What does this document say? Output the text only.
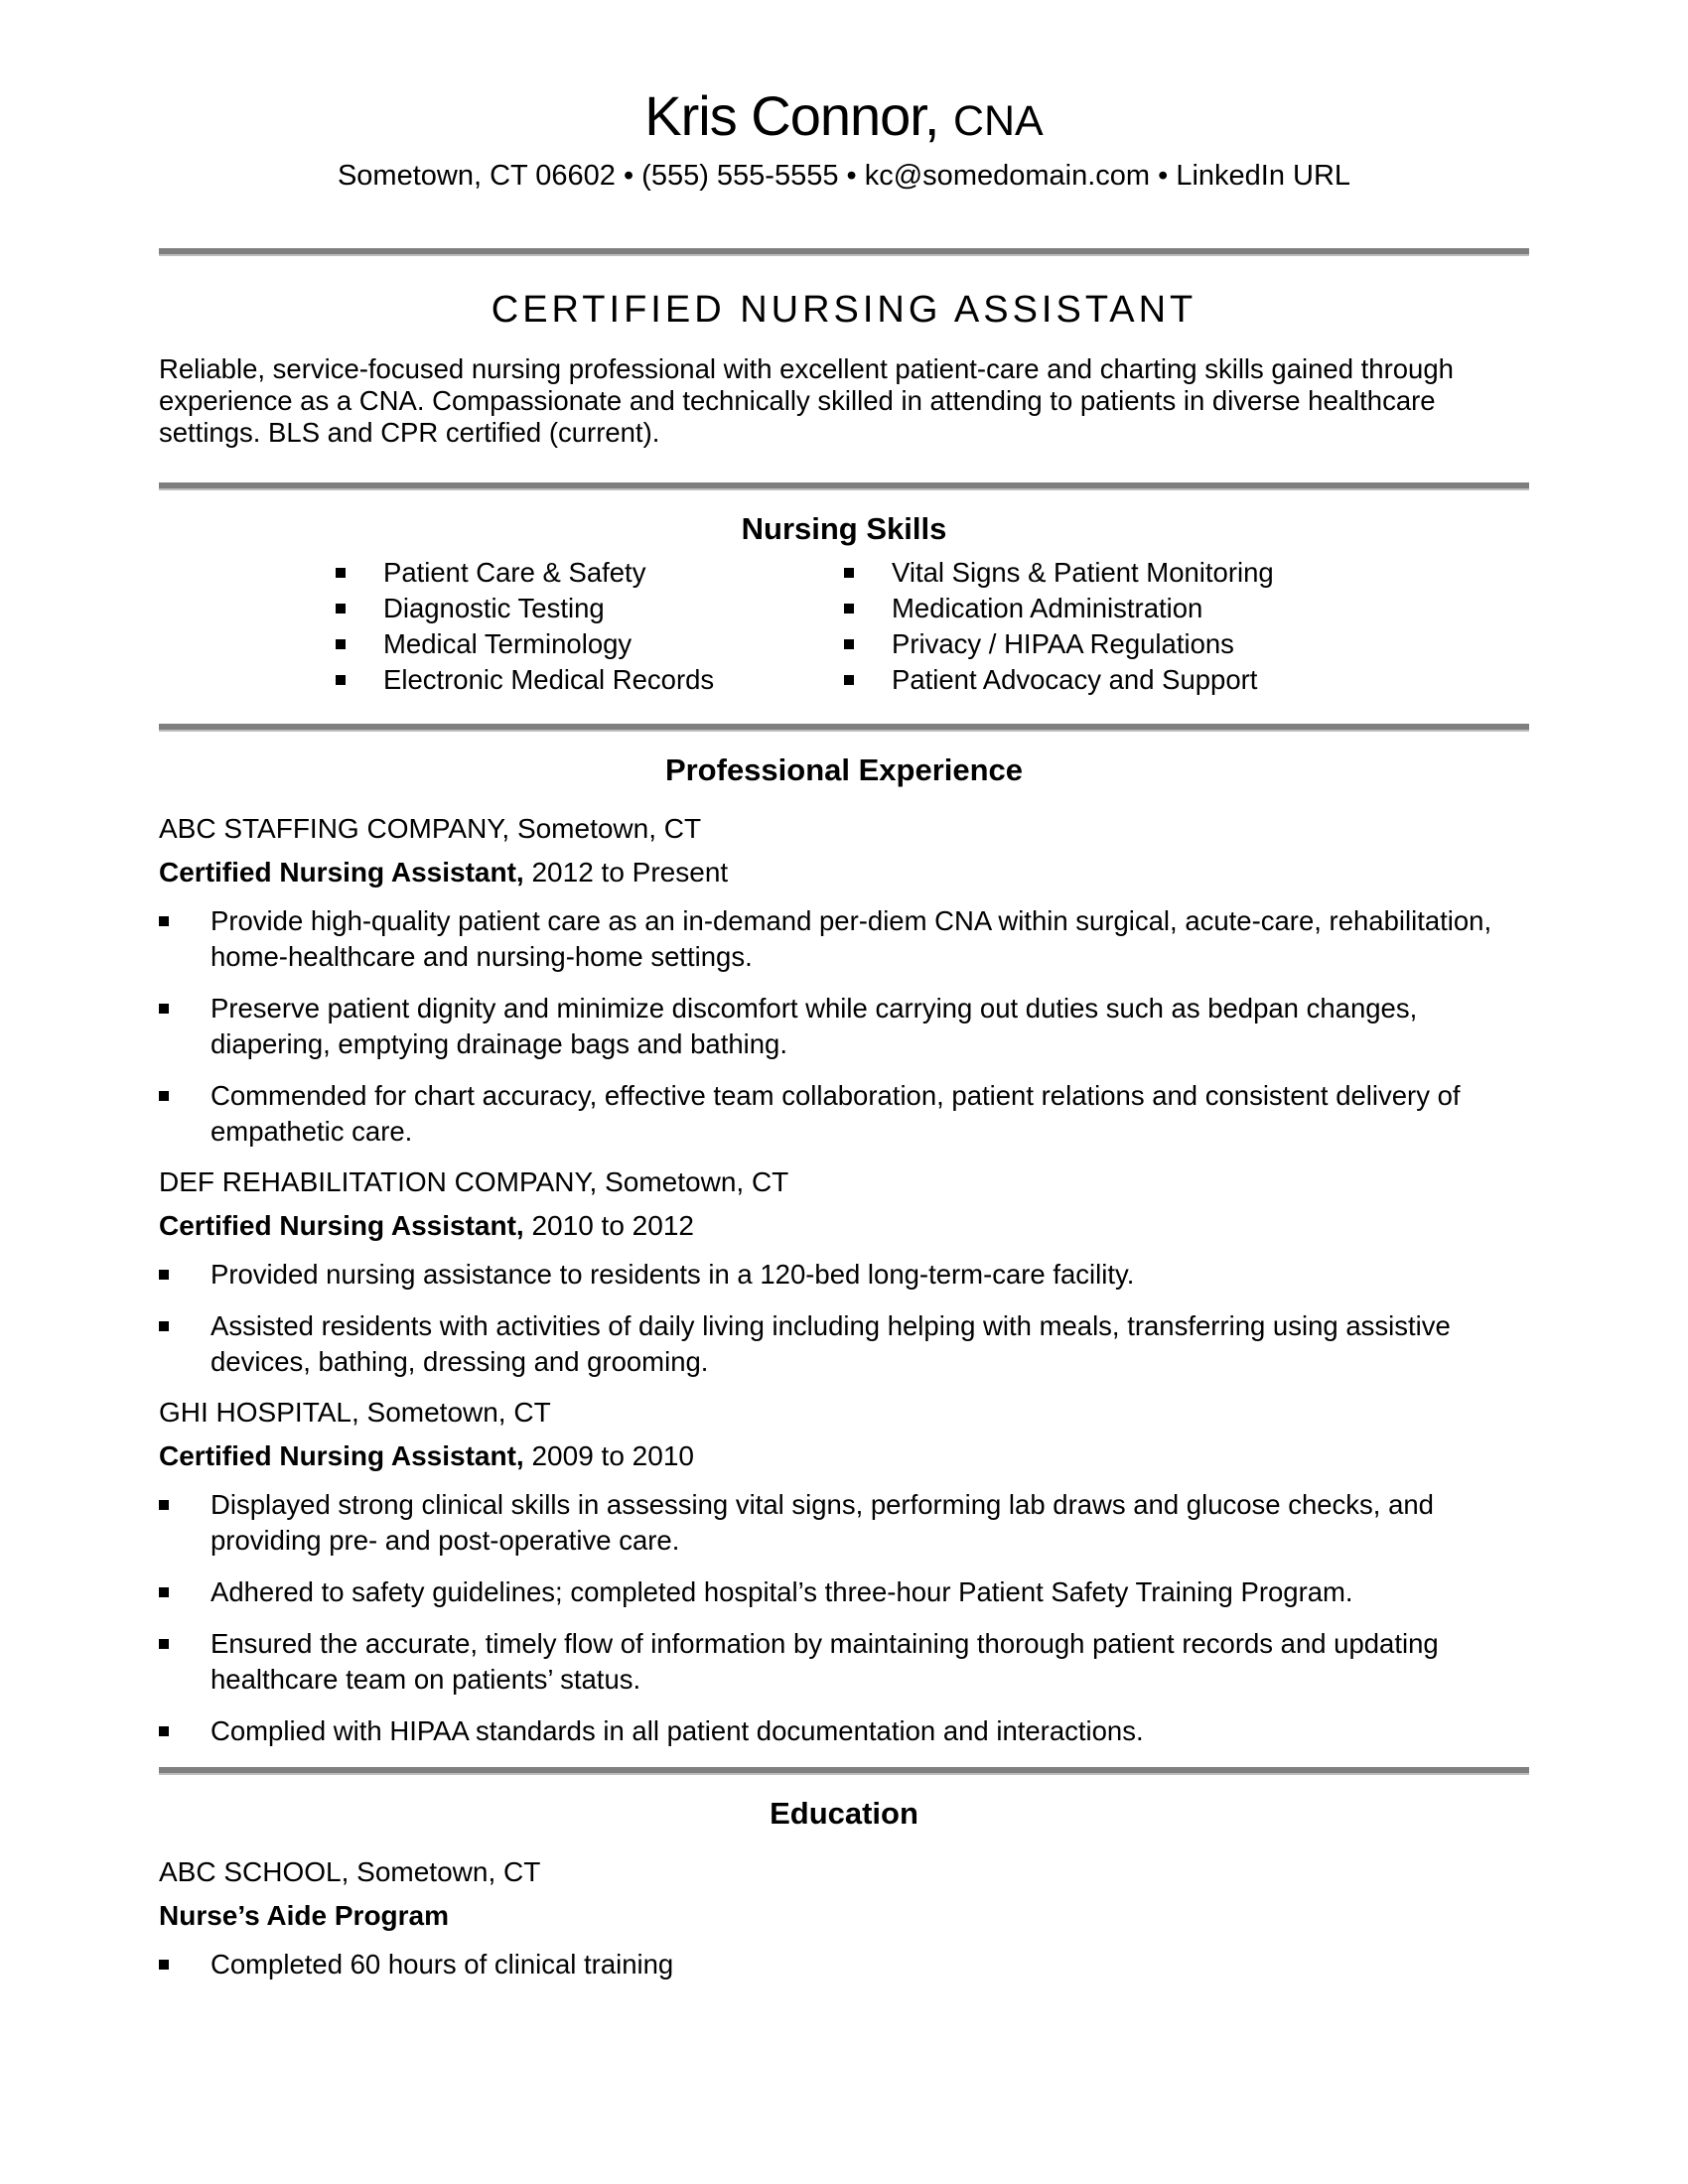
Kris Connor, CNA
Sometown, CT 06602 • (555) 555-5555 • kc@somedomain.com • LinkedIn URL
CERTIFIED NURSING ASSISTANT

Reliable, service-focused nursing professional with excellent patient-care and charting skills gained through experience as a CNA. Compassionate and technically skilled in attending to patients in diverse healthcare settings. BLS and CPR certified (current).

Nursing Skills
Patient Care & Safety
Diagnostic Testing
Medical Terminology
Electronic Medical Records
Vital Signs & Patient Monitoring
Medication Administration
Privacy / HIPAA Regulations
Patient Advocacy and Support
Professional Experience
ABC STAFFING COMPANY, Sometown, CT
Certified Nursing Assistant, 2012 to Present
Provide high-quality patient care as an in-demand per-diem CNA within surgical, acute-care, rehabilitation, home-healthcare and nursing-home settings.
Preserve patient dignity and minimize discomfort while carrying out duties such as bedpan changes, diapering, emptying drainage bags and bathing.
Commended for chart accuracy, effective team collaboration, patient relations and consistent delivery of empathetic care.
DEF REHABILITATION COMPANY, Sometown, CT
Certified Nursing Assistant, 2010 to 2012
Provided nursing assistance to residents in a 120-bed long-term-care facility.
Assisted residents with activities of daily living including helping with meals, transferring using assistive devices, bathing, dressing and grooming.
GHI HOSPITAL, Sometown, CT
Certified Nursing Assistant, 2009 to 2010
Displayed strong clinical skills in assessing vital signs, performing lab draws and glucose checks, and providing pre- and post-operative care.
Adhered to safety guidelines; completed hospital’s three-hour Patient Safety Training Program.
Ensured the accurate, timely flow of information by maintaining thorough patient records and updating healthcare team on patients’ status.
Complied with HIPAA standards in all patient documentation and interactions.
Education
ABC SCHOOL, Sometown, CT
Nurse’s Aide Program
Completed 60 hours of clinical training
